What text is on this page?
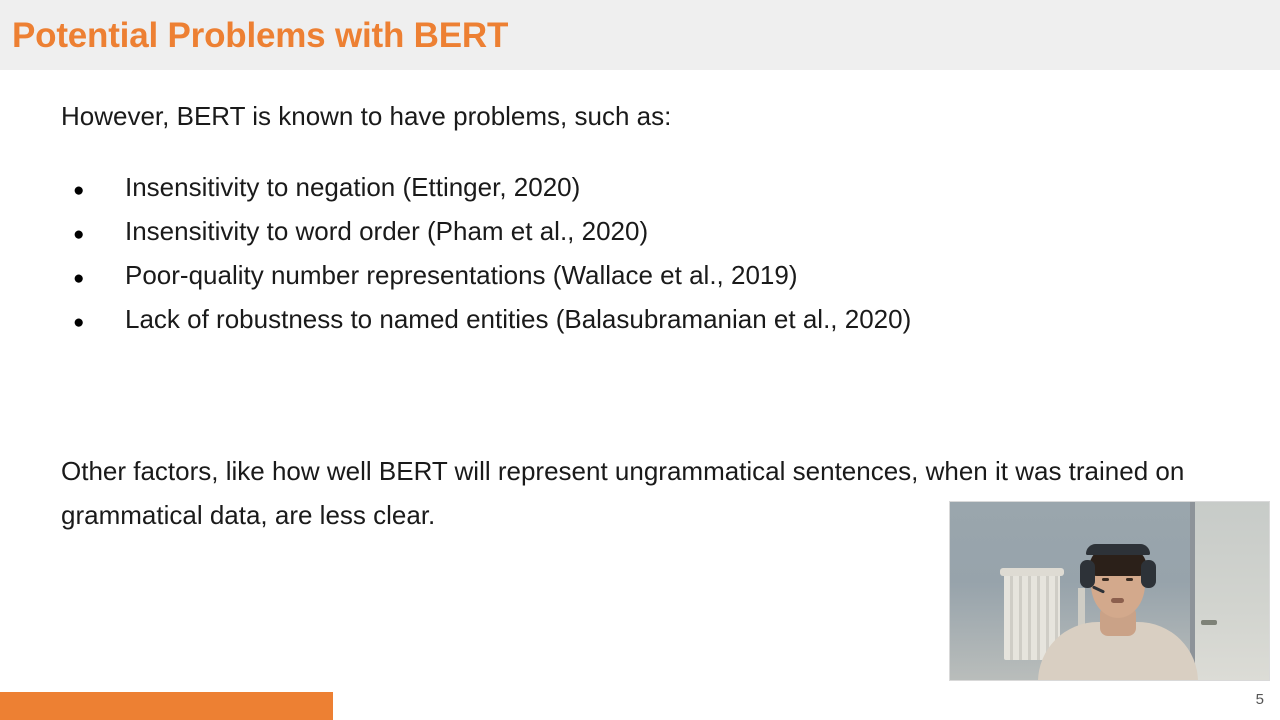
Potential Problems with BERT
However, BERT is known to have problems, such as:
●	Insensitivity to negation (Ettinger, 2020)
●	Insensitivity to word order (Pham et al., 2020)
●	Poor-quality number representations (Wallace et al., 2019)
●	Lack of robustness to named entities (Balasubramanian et al., 2020)
Other factors, like how well BERT will represent ungrammatical sentences, when it was trained on grammatical data, are less clear.
5
